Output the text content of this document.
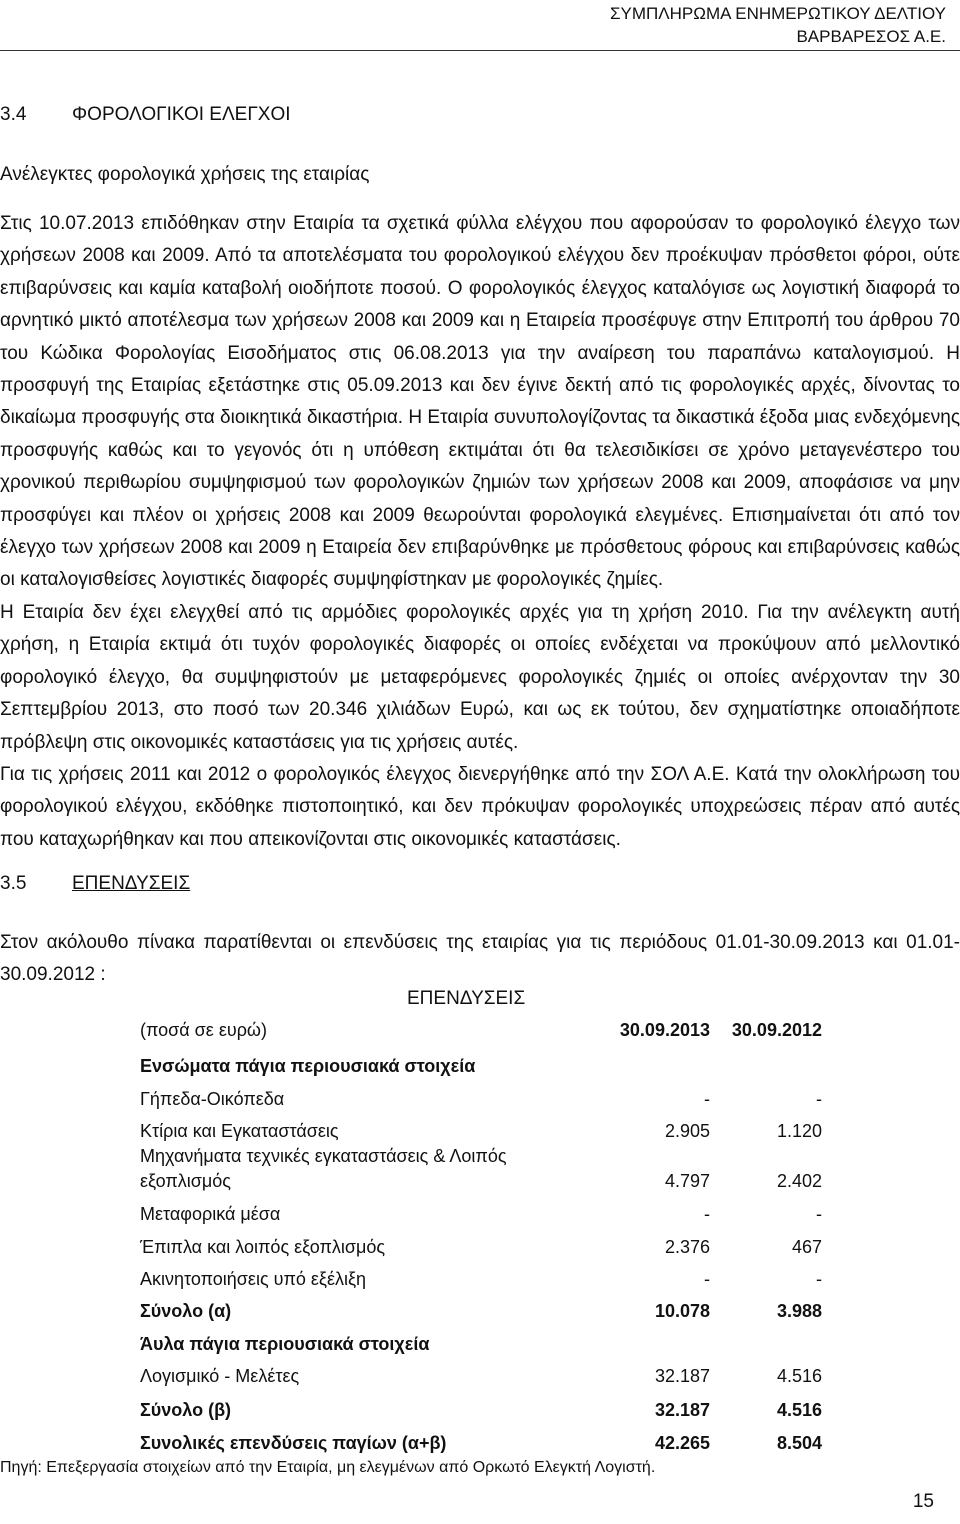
ΣΥΜΠΛΗΡΩΜΑ ΕΝΗΜΕΡΩΤΙΚΟΥ ΔΕΛΤΙΟΥ
ΒΑΡΒΑΡΕΣΟΣ Α.Ε.
3.4 ΦΟΡΟΛΟΓΙΚΟΙ ΕΛΕΓΧΟΙ
Ανέλεγκτες φορολογικά χρήσεις της εταιρίας

Στις 10.07.2013 επιδόθηκαν στην Εταιρία τα σχετικά φύλλα ελέγχου που αφορούσαν το φορολογικό έλεγχο των χρήσεων 2008 και 2009. Από τα αποτελέσματα του φορολογικού ελέγχου δεν προέκυψαν πρόσθετοι φόροι, ούτε επιβαρύνσεις και καμία καταβολή οιοδήποτε ποσού. Ο φορολογικός έλεγχος καταλόγισε ως λογιστική διαφορά το αρνητικό μικτό αποτέλεσμα των χρήσεων 2008 και 2009 και η Εταιρεία προσέφυγε στην Επιτροπή του άρθρου 70 του Κώδικα Φορολογίας Εισοδήματος στις 06.08.2013 για την αναίρεση του παραπάνω καταλογισμού. Η προσφυγή της Εταιρίας εξετάστηκε στις 05.09.2013 και δεν έγινε δεκτή από τις φορολογικές αρχές, δίνοντας το δικαίωμα προσφυγής στα διοικητικά δικαστήρια. Η Εταιρία συνυπολογίζοντας τα δικαστικά έξοδα μιας ενδεχόμενης προσφυγής καθώς και το γεγονός ότι η υπόθεση εκτιμάται ότι θα τελεσιδικίσει σε χρόνο μεταγενέστερο του χρονικού περιθωρίου συμψηφισμού των φορολογικών ζημιών των χρήσεων 2008 και 2009, αποφάσισε να μην προσφύγει και πλέον οι χρήσεις 2008 και 2009 θεωρούνται φορολογικά ελεγμένες. Επισημαίνεται ότι από τον έλεγχο των χρήσεων 2008 και 2009 η Εταιρεία δεν επιβαρύνθηκε με πρόσθετους φόρους και επιβαρύνσεις καθώς οι καταλογισθείσες λογιστικές διαφορές συμψηφίστηκαν με φορολογικές ζημίες.

Η Εταιρία δεν έχει ελεγχθεί από τις αρμόδιες φορολογικές αρχές για τη χρήση 2010. Για την ανέλεγκτη αυτή χρήση, η Εταιρία εκτιμά ότι τυχόν φορολογικές διαφορές οι οποίες ενδέχεται να προκύψουν από μελλοντικό φορολογικό έλεγχο, θα συμψηφιστούν με μεταφερόμενες φορολογικές ζημιές οι οποίες ανέρχονταν την 30 Σεπτεμβρίου 2013, στο ποσό των 20.346 χιλιάδων Ευρώ, και ως εκ τούτου, δεν σχηματίστηκε οποιαδήποτε πρόβλεψη στις οικονομικές καταστάσεις για τις χρήσεις αυτές.

Για τις χρήσεις 2011 και 2012 ο φορολογικός έλεγχος διενεργήθηκε από την ΣΟΛ Α.Ε. Κατά την ολοκλήρωση του φορολογικού ελέγχου, εκδόθηκε πιστοποιητικό, και δεν πρόκυψαν φορολογικές υποχρεώσεις πέραν από αυτές που καταχωρήθηκαν και που απεικονίζονται στις οικονομικές καταστάσεις.

3.5 ΕΠΕΝΔΥΣΕΙΣ

Στον ακόλουθο πίνακα παρατίθενται οι επενδύσεις της εταιρίας για τις περιόδους 01.01-30.09.2013 και 01.01-30.09.2012 :

ΕΠΕΝΔΥΣΕΙΣ
(ποσά σε ευρώ)	30.09.2013 30.09.2012
Ενσώματα πάγια περιουσιακά στοιχεία
Γήπεδα-Οικόπεδα	-	-
Κτίρια και Εγκαταστάσεις	2.905	1.120
Μηχανήματα τεχνικές εγκαταστάσεις & Λοιπός
εξοπλισμός	4.797	2.402
Μεταφορικά μέσα	-	-
Έπιπλα και λοιπός εξοπλισμός	2.376	467
Ακινητοποιήσεις υπό εξέλιξη	-	-
Σύνολο (α)	10.078	3.988
Άυλα πάγια περιουσιακά στοιχεία
Λογισμικό - Μελέτες	32.187	4.516
Σύνολο (β)	32.187	4.516
Συνολικές επενδύσεις παγίων (α+β)	42.265	8.504
Πηγή: Επεξεργασία στοιχείων από την Εταιρία, μη ελεγμένων από Ορκωτό Ελεγκτή Λογιστή.
15
